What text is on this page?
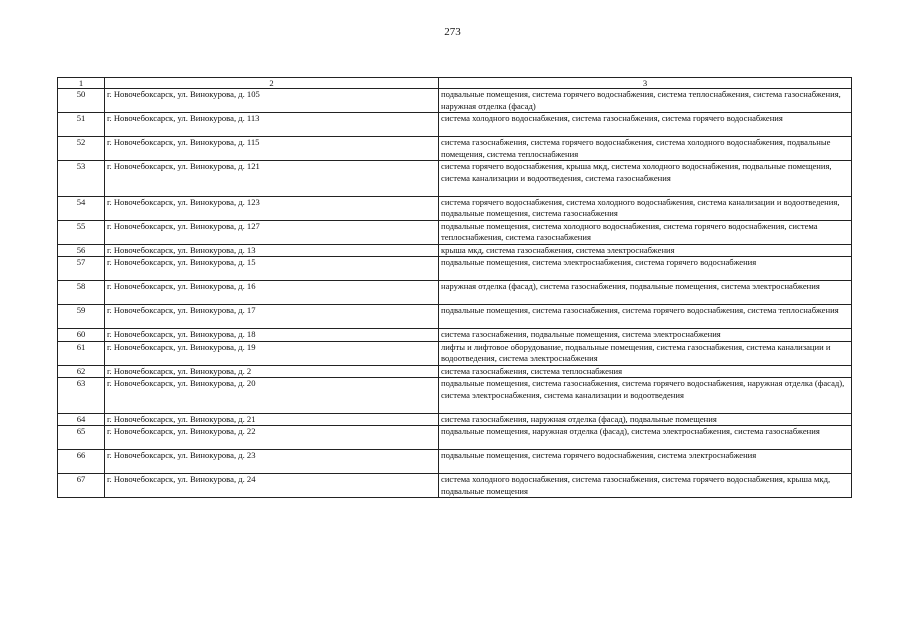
273
1	2	3
50	г. Новочебоксарск, ул. Винокурова, д. 105	подвальные помещения, система горячего водоснабжения, система теплоснабжения, система газоснабжения, наружная отделка (фасад)
51	г. Новочебоксарск, ул. Винокурова, д. 113	система холодного водоснабжения, система газоснабжения, система горячего водоснабжения
52	г. Новочебоксарск, ул. Винокурова, д. 115	система газоснабжения, система горячего водоснабжения, система холодного водоснабжения, подвальные помещения, система теплоснабжения
53	г. Новочебоксарск, ул. Винокурова, д. 121	система горячего водоснабжения, крыша мкд, система холодного водоснабжения, подвальные помещения, система канализации и водоотведения, система газоснабжения
54	г. Новочебоксарск, ул. Винокурова, д. 123	система горячего водоснабжения, система холодного водоснабжения, система канализации и водоотведения, подвальные помещения, система газоснабжения
55	г. Новочебоксарск, ул. Винокурова, д. 127	подвальные помещения, система холодного водоснабжения, система горячего водоснабжения, система теплоснабжения, система газоснабжения
56	г. Новочебоксарск, ул. Винокурова, д. 13	крыша мкд, система газоснабжения, система электроснабжения
57	г. Новочебоксарск, ул. Винокурова, д. 15	подвальные помещения, система электроснабжения, система горячего водоснабжения
58	г. Новочебоксарск, ул. Винокурова, д. 16	наружная отделка (фасад), система газоснабжения, подвальные помещения, система электроснабжения
59	г. Новочебоксарск, ул. Винокурова, д. 17	подвальные помещения, система газоснабжения, система горячего водоснабжения, система теплоснабжения
60	г. Новочебоксарск, ул. Винокурова, д. 18	система газоснабжения, подвальные помещения, система электроснабжения
61	г. Новочебоксарск, ул. Винокурова, д. 19	лифты и лифтовое оборудование, подвальные помещения, система газоснабжения, система канализации и водоотведения, система электроснабжения
62	г. Новочебоксарск, ул. Винокурова, д. 2	система газоснабжения, система теплоснабжения
63	г. Новочебоксарск, ул. Винокурова, д. 20	подвальные помещения, система газоснабжения, система горячего водоснабжения, наружная отделка (фасад), система электроснабжения, система канализации и водоотведения
64	г. Новочебоксарск, ул. Винокурова, д. 21	система газоснабжения, наружная отделка (фасад), подвальные помещения
65	г. Новочебоксарск, ул. Винокурова, д. 22	подвальные помещения, наружная отделка (фасад), система электроснабжения, система газоснабжения
66	г. Новочебоксарск, ул. Винокурова, д. 23	подвальные помещения, система горячего водоснабжения, система электроснабжения
67	г. Новочебоксарск, ул. Винокурова, д. 24	система холодного водоснабжения, система газоснабжения, система горячего водоснабжения, крыша мкд, подвальные помещения
